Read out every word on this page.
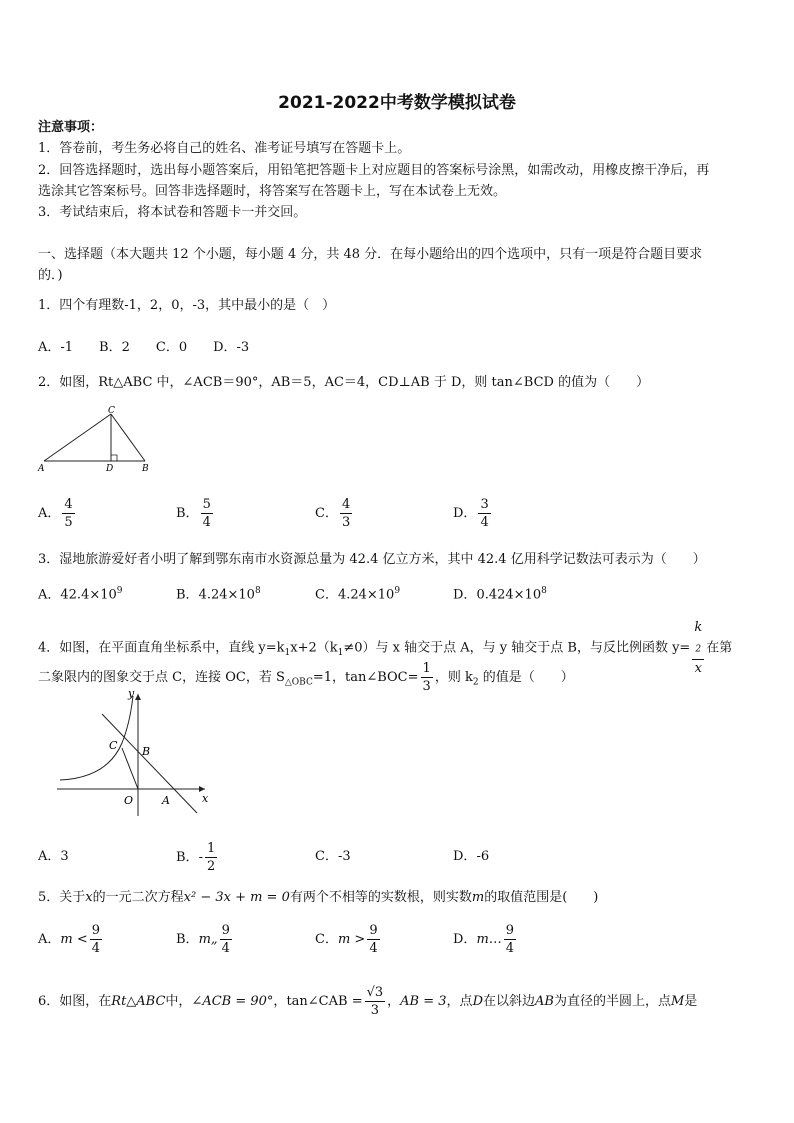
2021-2022中考数学模拟试卷
注意事项：
1．答卷前，考生务必将自己的姓名、准考证号填写在答题卡上。
2．回答选择题时，选出每小题答案后，用铅笔把答题卡上对应题目的答案标号涂黑，如需改动，用橡皮擦干净后，再
选涂其它答案标号。回答非选择题时，将答案写在答题卡上，写在本试卷上无效。
3．考试结束后，将本试卷和答题卡一并交回。
一、选择题（本大题共 12 个小题，每小题 4 分，共 48 分．在每小题给出的四个选项中，只有一项是符合题目要求
的．)
1．四个有理数-1，2，0，-3，其中最小的是（　）
A．-1　　B．2　　C．0　　D．-3
2．如图，Rt△ABC 中，∠ACB＝90°，AB＝5，AC＝4，CD⊥AB 于 D，则 tan∠BCD 的值为（　　）
A	B
C
D
A． $\frac{4}{5}$	B． $\frac{5}{4}$	C． $\frac{4}{3}$	D． $\frac{3}{4}$
3．湿地旅游爱好者小明了解到鄂东南市水资源总量为 42.4 亿立方米，其中 42.4 亿用科学记数法可表示为（　　）
A．$42.4\times 10^9$	B．$4.24\times 10^8$	C．$4.24\times 10^9$	D．$0.424\times 10^8$
4．如图，在平面直角坐标系中，直线 $y=k_1x+2(k_1\ne 0)$与 x 轴交于点 A，与 y 轴交于点 B，与反比例函数 y= k
$_2$
x 在第
二象限内的图象交于点 C，连接 OC，若 $S_{\triangle OBC}=1$，tan∠BOC= $\frac{1}{3}$ ，则 $k_2$ 的值是（　　）
y
x
O	A
B
C
A．3	B．- $\frac{1}{2}$	C．-3	D．-6
5．关于x的一元二次方程x² − 3x + m = 0有两个不相等的实数根，则实数m的取值范围是(　　)
A．$m < \frac{9}{4}$	B．m„ $\frac{9}{4}$	C．$m > \frac{9}{4}$	D．m… $\frac{9}{4}$
6．如图，在Rt△ABC中，∠ACB = 90°，tan∠CAB = $\frac{√3}{3}$ ，AB = 3，点D在以斜边AB为直径的半圆上，点M是
